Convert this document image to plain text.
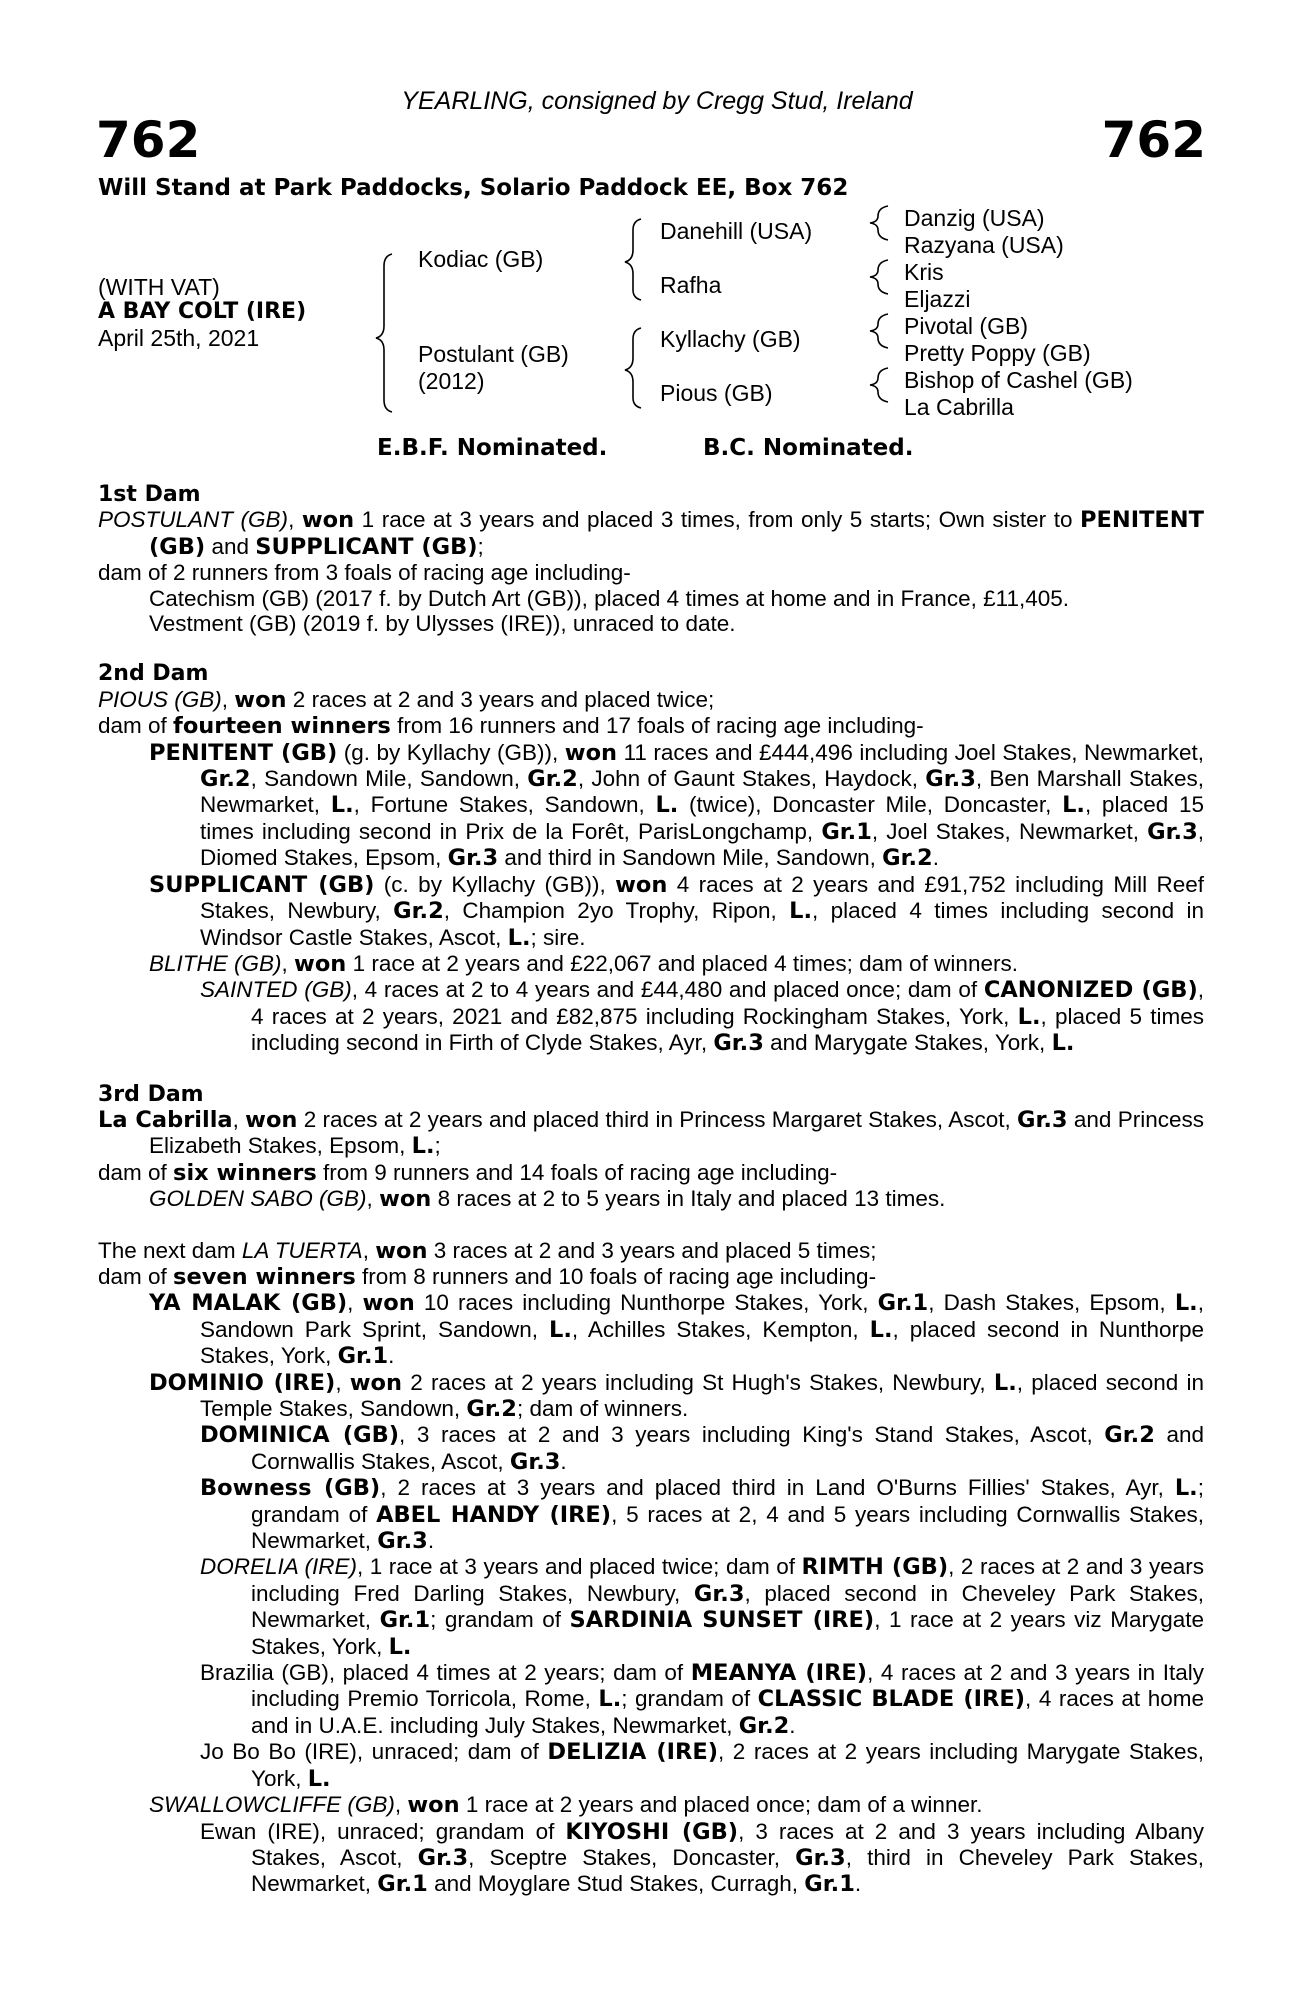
762	762
YEARLING, consigned by Cregg Stud, Ireland
Will Stand at Park Paddocks, Solario Paddock EE, Box 762
(WITH VAT)
A BAY COLT (IRE)
April 25th, 2021
Kodiac (GB)
Postulant (GB)
(2012)
Danehill (USA)
Rafha
Kyllachy (GB)
Pious (GB)
Danzig (USA)
Razyana (USA)
Kris
Eljazzi
Pivotal (GB)
Pretty Poppy (GB)
Bishop of Cashel (GB)
La Cabrilla
E.B.F. Nominated.	B.C. Nominated.

1st Dam

POSTULANT (GB), won 1 race at 3 years and placed 3 times, from only 5 starts; Own sister to PENITENT (GB) and SUPPLICANT (GB);

dam of 2 runners from 3 foals of racing age including-

Catechism (GB) (2017 f. by Dutch Art (GB)), placed 4 times at home and in France, £11,405.

Vestment (GB) (2019 f. by Ulysses (IRE)), unraced to date.

2nd Dam

PIOUS (GB), won 2 races at 2 and 3 years and placed twice;

dam of fourteen winners from 16 runners and 17 foals of racing age including-

PENITENT (GB) (g. by Kyllachy (GB)), won 11 races and £444,496 including Joel Stakes, Newmarket, Gr.2, Sandown Mile, Sandown, Gr.2, John of Gaunt Stakes, Haydock, Gr.3, Ben Marshall Stakes, Newmarket, L., Fortune Stakes, Sandown, L. (twice), Doncaster Mile, Doncaster, L., placed 15 times including second in Prix de la Forêt, ParisLongchamp, Gr.1, Joel Stakes, Newmarket, Gr.3, Diomed Stakes, Epsom, Gr.3 and third in Sandown Mile, Sandown, Gr.2.

SUPPLICANT (GB) (c. by Kyllachy (GB)), won 4 races at 2 years and £91,752 including Mill Reef Stakes, Newbury, Gr.2, Champion 2yo Trophy, Ripon, L., placed 4 times including second in Windsor Castle Stakes, Ascot, L.; sire.

BLITHE (GB), won 1 race at 2 years and £22,067 and placed 4 times; dam of winners.

SAINTED (GB), 4 races at 2 to 4 years and £44,480 and placed once; dam of CANONIZED (GB), 4 races at 2 years, 2021 and £82,875 including Rockingham Stakes, York, L., placed 5 times including second in Firth of Clyde Stakes, Ayr, Gr.3 and Marygate Stakes, York, L.

3rd Dam

La Cabrilla, won 2 races at 2 years and placed third in Princess Margaret Stakes, Ascot, Gr.3 and Princess Elizabeth Stakes, Epsom, L.;

dam of six winners from 9 runners and 14 foals of racing age including-

GOLDEN SABO (GB), won 8 races at 2 to 5 years in Italy and placed 13 times.

The next dam LA TUERTA, won 3 races at 2 and 3 years and placed 5 times;

dam of seven winners from 8 runners and 10 foals of racing age including-

YA MALAK (GB), won 10 races including Nunthorpe Stakes, York, Gr.1, Dash Stakes, Epsom, L., Sandown Park Sprint, Sandown, L., Achilles Stakes, Kempton, L., placed second in Nunthorpe Stakes, York, Gr.1.

DOMINIO (IRE), won 2 races at 2 years including St Hugh's Stakes, Newbury, L., placed second in Temple Stakes, Sandown, Gr.2; dam of winners.

DOMINICA (GB), 3 races at 2 and 3 years including King's Stand Stakes, Ascot, Gr.2 and Cornwallis Stakes, Ascot, Gr.3.

Bowness (GB), 2 races at 3 years and placed third in Land O'Burns Fillies' Stakes, Ayr, L.; grandam of ABEL HANDY (IRE), 5 races at 2, 4 and 5 years including Cornwallis Stakes, Newmarket, Gr.3.

DORELIA (IRE), 1 race at 3 years and placed twice; dam of RIMTH (GB), 2 races at 2 and 3 years including Fred Darling Stakes, Newbury, Gr.3, placed second in Cheveley Park Stakes, Newmarket, Gr.1; grandam of SARDINIA SUNSET (IRE), 1 race at 2 years viz Marygate Stakes, York, L.

Brazilia (GB), placed 4 times at 2 years; dam of MEANYA (IRE), 4 races at 2 and 3 years in Italy including Premio Torricola, Rome, L.; grandam of CLASSIC BLADE (IRE), 4 races at home and in U.A.E. including July Stakes, Newmarket, Gr.2.

Jo Bo Bo (IRE), unraced; dam of DELIZIA (IRE), 2 races at 2 years including Marygate Stakes, York, L.

SWALLOWCLIFFE (GB), won 1 race at 2 years and placed once; dam of a winner.

Ewan (IRE), unraced; grandam of KIYOSHI (GB), 3 races at 2 and 3 years including Albany Stakes, Ascot, Gr.3, Sceptre Stakes, Doncaster, Gr.3, third in Cheveley Park Stakes, Newmarket, Gr.1 and Moyglare Stud Stakes, Curragh, Gr.1.
